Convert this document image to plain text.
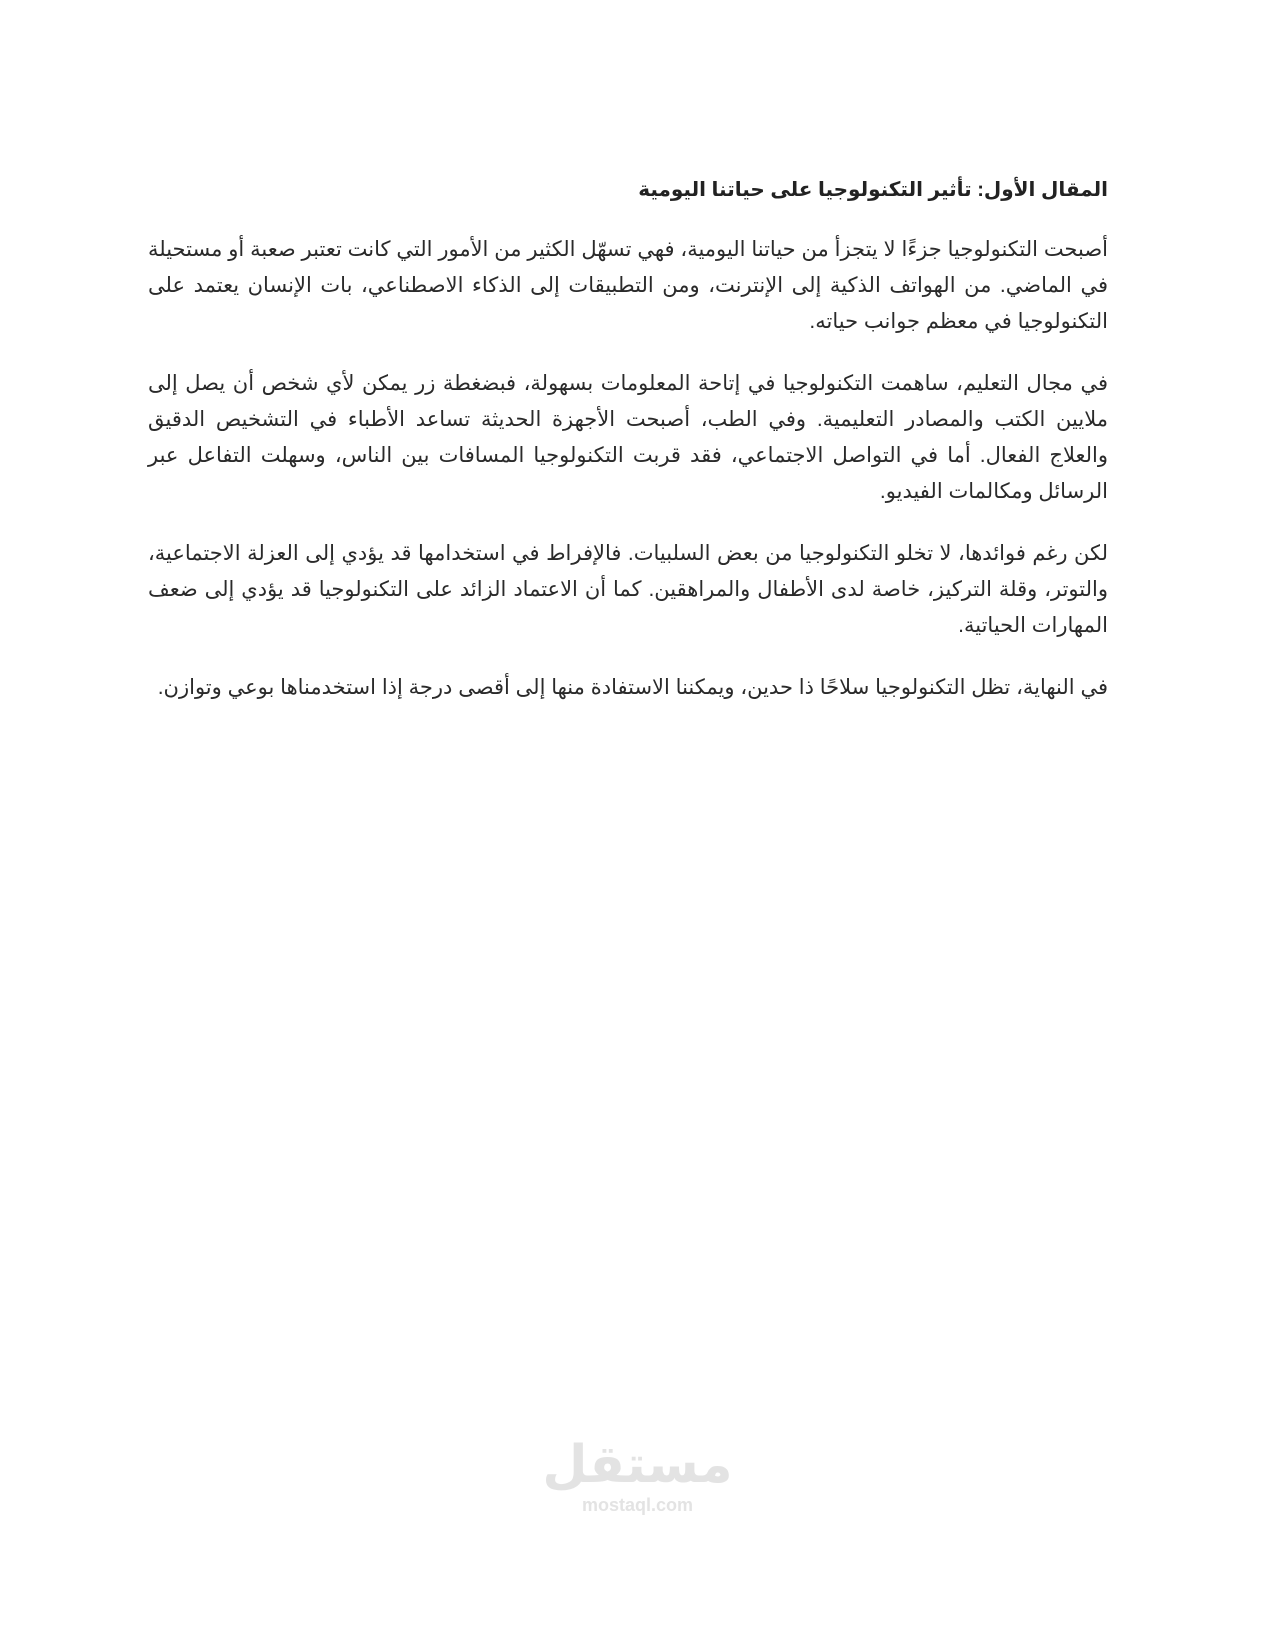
المقال الأول: تأثير التكنولوجيا على حياتنا اليومية

أصبحت التكنولوجيا جزءًا لا يتجزأ من حياتنا اليومية، فهي تسهّل الكثير من الأمور التي كانت تعتبر صعبة أو مستحيلة في الماضي. من الهواتف الذكية إلى الإنترنت، ومن التطبيقات إلى الذكاء الاصطناعي، بات الإنسان يعتمد على التكنولوجيا في معظم جوانب حياته.

في مجال التعليم، ساهمت التكنولوجيا في إتاحة المعلومات بسهولة، فبضغطة زر يمكن لأي شخص أن يصل إلى ملايين الكتب والمصادر التعليمية. وفي الطب، أصبحت الأجهزة الحديثة تساعد الأطباء في التشخيص الدقيق والعلاج الفعال. أما في التواصل الاجتماعي، فقد قربت التكنولوجيا المسافات بين الناس، وسهلت التفاعل عبر الرسائل ومكالمات الفيديو.

لكن رغم فوائدها، لا تخلو التكنولوجيا من بعض السلبيات. فالإفراط في استخدامها قد يؤدي إلى العزلة الاجتماعية، والتوتر، وقلة التركيز، خاصة لدى الأطفال والمراهقين. كما أن الاعتماد الزائد على التكنولوجيا قد يؤدي إلى ضعف المهارات الحياتية.

في النهاية، تظل التكنولوجيا سلاحًا ذا حدين، ويمكننا الاستفادة منها إلى أقصى درجة إذا استخدمناها بوعي وتوازن.

مستقل
mostaql.com
